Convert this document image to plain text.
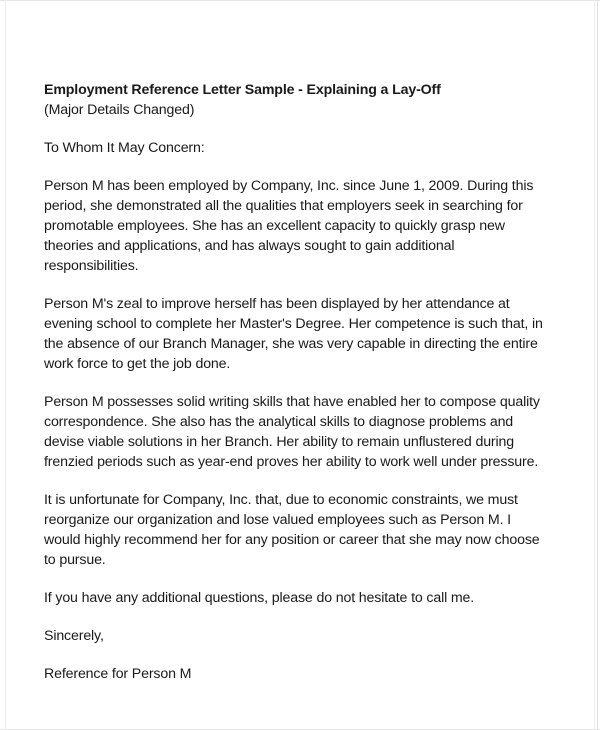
Employment Reference Letter Sample - Explaining a Lay-Off

(Major Details Changed)

To Whom It May Concern:

Person M has been employed by Company, Inc. since June 1, 2009. During this
period, she demonstrated all the qualities that employers seek in searching for
promotable employees. She has an excellent capacity to quickly grasp new
theories and applications, and has always sought to gain additional
responsibilities.

Person M's zeal to improve herself has been displayed by her attendance at
evening school to complete her Master's Degree. Her competence is such that, in
the absence of our Branch Manager, she was very capable in directing the entire
work force to get the job done.

Person M possesses solid writing skills that have enabled her to compose quality
correspondence. She also has the analytical skills to diagnose problems and
devise viable solutions in her Branch. Her ability to remain unflustered during
frenzied periods such as year-end proves her ability to work well under pressure.

It is unfortunate for Company, Inc. that, due to economic constraints, we must
reorganize our organization and lose valued employees such as Person M. I
would highly recommend her for any position or career that she may now choose
to pursue.

If you have any additional questions, please do not hesitate to call me.

Sincerely,

Reference for Person M
